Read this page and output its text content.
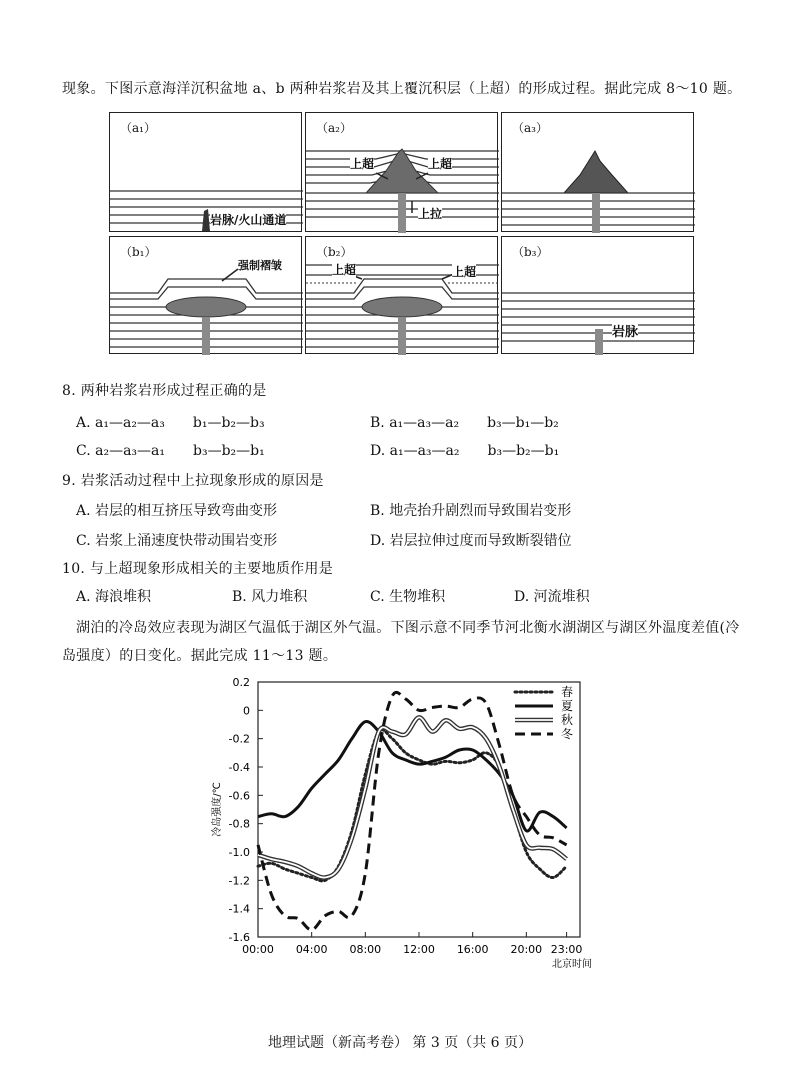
现象。下图示意海洋沉积盆地 a、b 两种岩浆岩及其上覆沉积层（上超）的形成过程。据此完成 8～10 题。
（a₁）
岩脉/火山通道
（a₂）
上超	上超
上拉
（a₃）
（b₁）
强制褶皱
（b₂）
上超	上超
（b₃）
岩脉
8. 两种岩浆岩形成过程正确的是
A. a₁—a₂—a₃　　b₁—b₂—b₃	B. a₁—a₃—a₂　　b₃—b₁—b₂
C. a₂—a₃—a₁　　b₃—b₂—b₁	D. a₁—a₃—a₂　　b₃—b₂—b₁
9. 岩浆活动过程中上拉现象形成的原因是
A. 岩层的相互挤压导致弯曲变形	B. 地壳抬升剧烈而导致围岩变形
C. 岩浆上涌速度快带动围岩变形	D. 岩层拉伸过度而导致断裂错位
10. 与上超现象形成相关的主要地质作用是
A. 海浪堆积	B. 风力堆积	C. 生物堆积	D. 河流堆积
湖泊的冷岛效应表现为湖区气温低于湖区外气温。下图示意不同季节河北衡水湖湖区与湖区外温度差值(冷
岛强度）的日变化。据此完成 11～13 题。
0.2
0
-0.2
-0.4
-0.6
-0.8
-1.0
-1.2
-1.4
-1.6
00:00 04:00 08:00 12:00 16:00 20:00 23:00
冷岛强度/℃
北京时间
春
夏
秋
冬
地理试题（新高考卷） 第 3 页（共 6 页）
